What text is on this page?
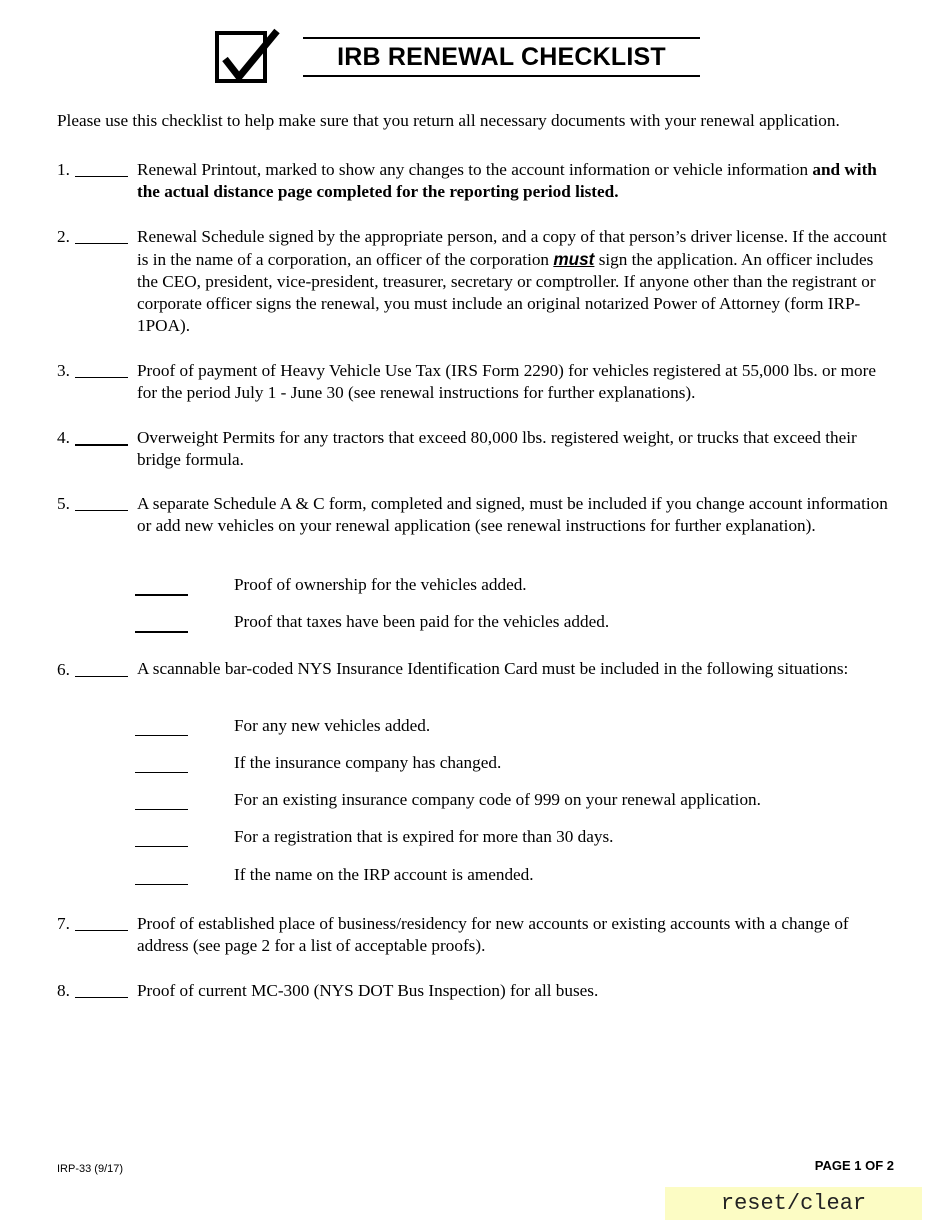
IRB RENEWAL CHECKLIST
Please use this checklist to help make sure that you return all necessary documents with your renewal application.
1.	Renewal Printout, marked to show any changes to the account information or vehicle information and with the actual distance page completed for the reporting period listed.
2.	Renewal Schedule signed by the appropriate person, and a copy of that person’s driver license. If the account is in the name of a corporation, an officer of the corporation must sign the application. An officer includes the CEO, president, vice-president, treasurer, secretary or comptroller. If anyone other than the registrant or corporate officer signs the renewal, you must include an original notarized Power of Attorney (form IRP-1POA).
3.	Proof of payment of Heavy Vehicle Use Tax (IRS Form 2290) for vehicles registered at 55,000 lbs. or more for the period July 1 - June 30 (see renewal instructions for further explanations).
4.	Overweight Permits for any tractors that exceed 80,000 lbs. registered weight, or trucks that exceed their bridge formula.
5.	A separate Schedule A & C form, completed and signed, must be included if you change account information or add new vehicles on your renewal application (see renewal instructions for further explanation).
Proof of ownership for the vehicles added.
Proof that taxes have been paid for the vehicles added.
6.	A scannable bar-coded NYS Insurance Identification Card must be included in the following situations:
For any new vehicles added.
If the insurance company has changed.
For an existing insurance company code of 999 on your renewal application.
For a registration that is expired for more than 30 days.
If the name on the IRP account is amended.
7.	Proof of established place of business/residency for new accounts or existing accounts with a change of address (see page 2 for a list of acceptable proofs).
8.	Proof of current MC-300 (NYS DOT Bus Inspection) for all buses.
IRP-33 (9/17)	PAGE 1 OF 2
reset/clear
